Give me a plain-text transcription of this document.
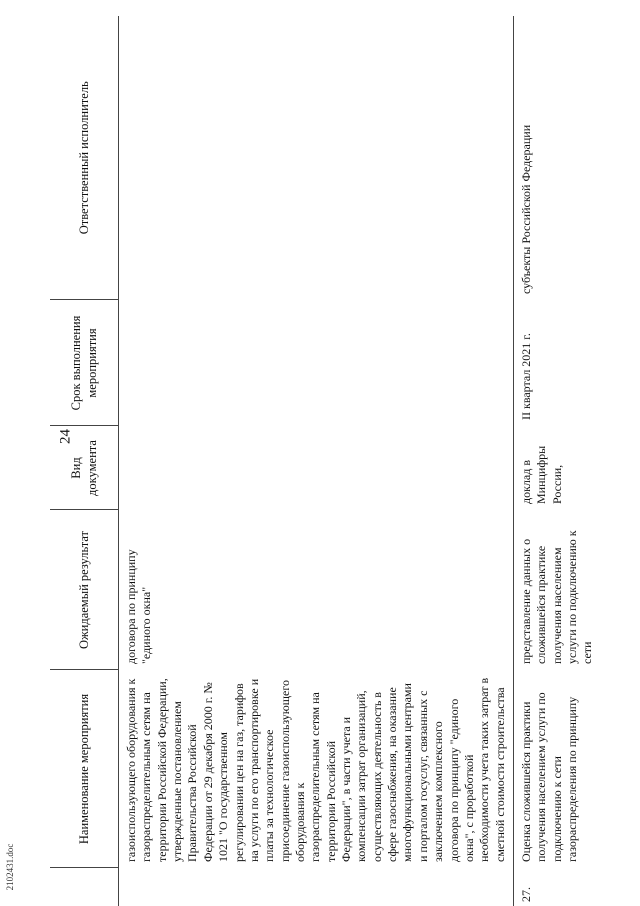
24
2102431.doc
	Наименование мероприятия	Ожидаемый результат	Вид документа	Срок выполнения мероприятия	Ответственный исполнитель
	газоиспользующего оборудования к газораспределительным сетям на территории Российской Федерации, утвержденные постановлением Правительства Российской Федерации от 29 декабря 2000 г. № 1021 "О государственном регулировании цен на газ, тарифов на услуги по его транспортировке и платы за технологическое присоединение газоиспользующего оборудования к газораспределительным сетям на территории Российской Федерации", в части учета и компенсации затрат организаций, осуществляющих деятельность в сфере газоснабжения, на оказание многофункциональными центрами и порталом госуслуг, связанных с заключением комплексного договора по принципу "единого окна", с проработкой необходимости учета таких затрат в сметной стоимости строительства	договора по принципу "единого окна"			
27.	Оценка сложившейся практики получения населением услуги по подключению к сети газораспределения по принципу	представление данных о сложившейся практике получения населением услуги по подключению к сети	доклад в Минцифры России,	II квартал 2021 г.	субъекты Российской Федерации
